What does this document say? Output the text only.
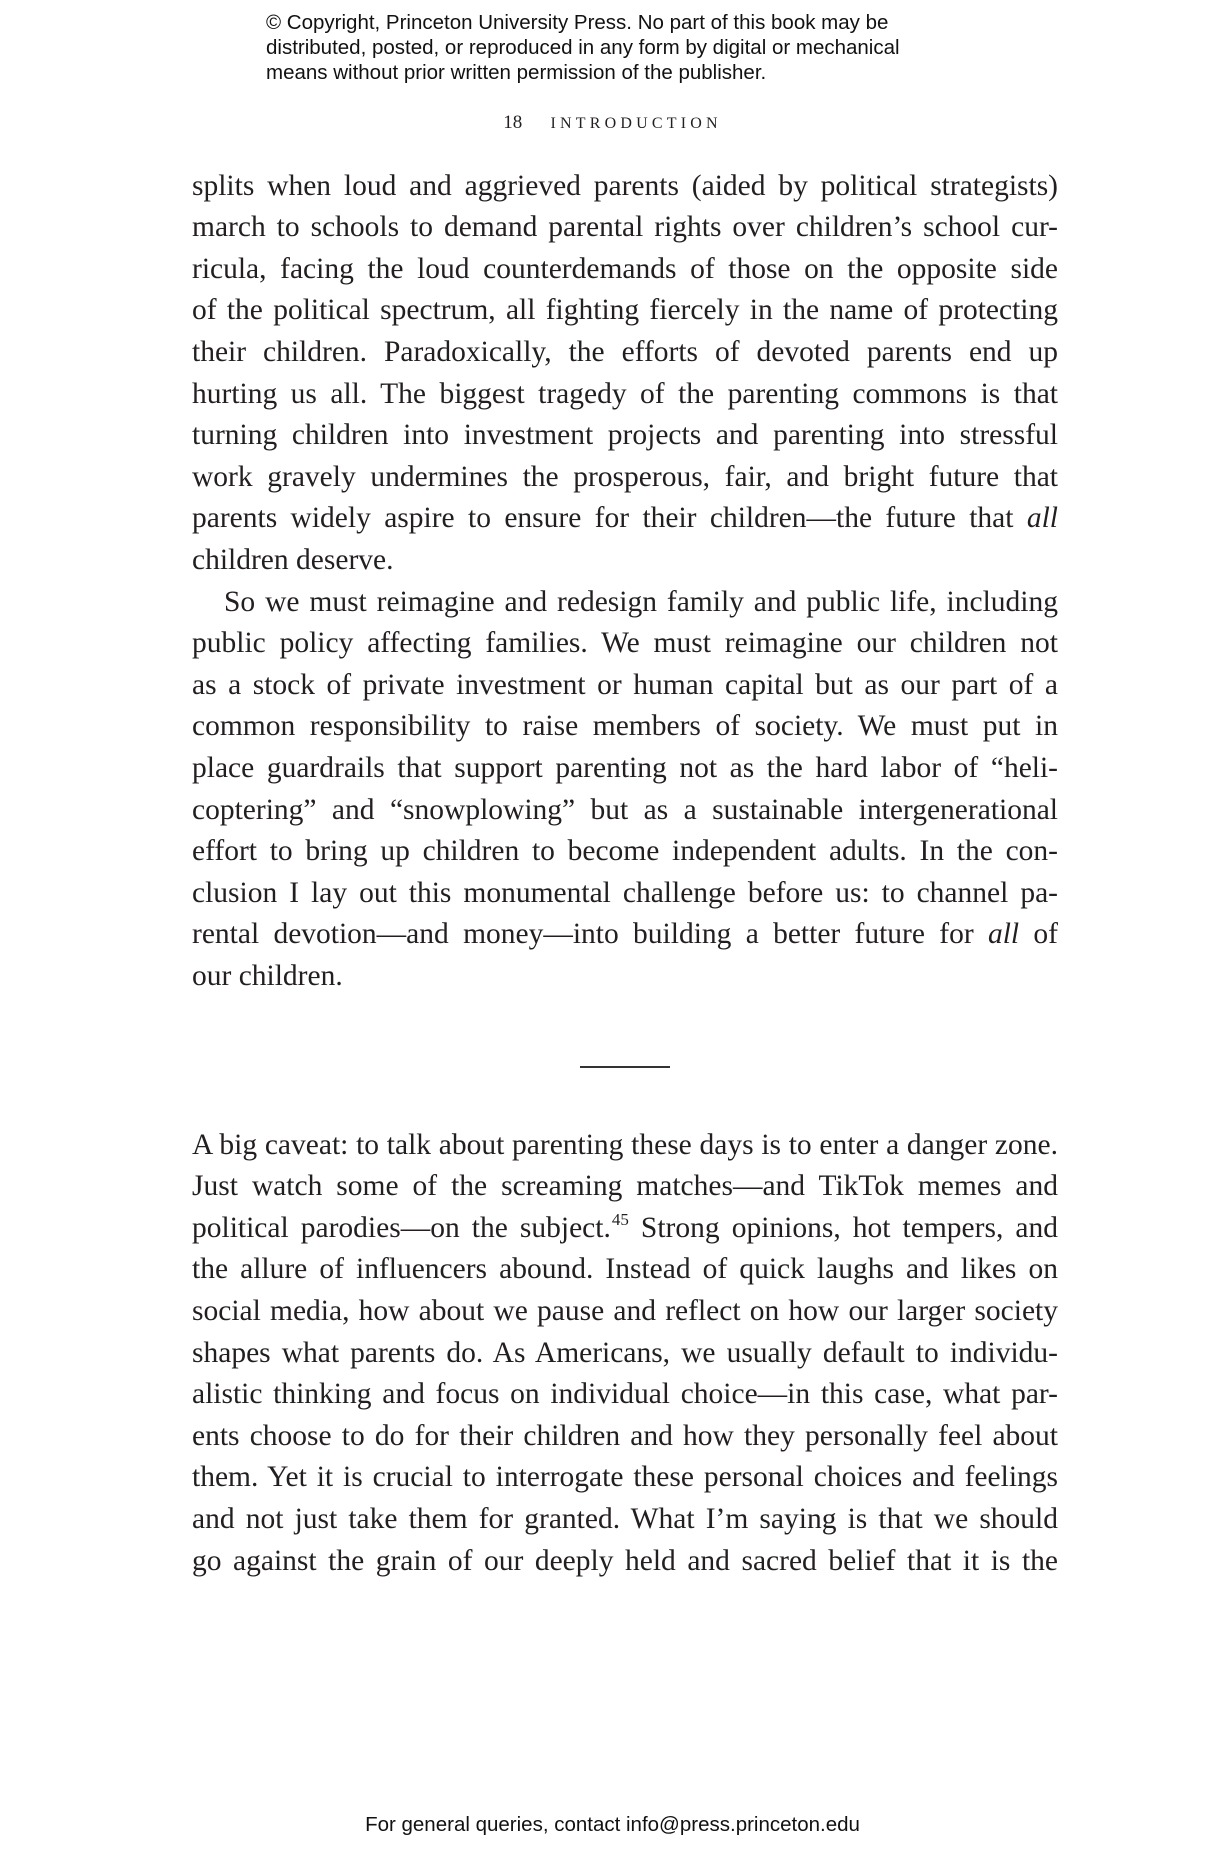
© Copyright, Princeton University Press. No part of this book may be
distributed, posted, or reproduced in any form by digital or mechanical
means without prior written permission of the publisher.
18 INTRODUCTION
splits when loud and aggrieved parents (aided by political strategists)
march to schools to demand parental rights over children’s school cur-
ricula, facing the loud counterdemands of those on the opposite side
of the political spectrum, all fighting fiercely in the name of protecting
their children. Paradoxically, the efforts of devoted parents end up
hurting us all. The biggest tragedy of the parenting commons is that
turning children into investment projects and parenting into stressful
work gravely undermines the prosperous, fair, and bright future that
parents widely aspire to ensure for their children—the future that all
children deserve.
So we must reimagine and redesign family and public life, including
public policy affecting families. We must reimagine our children not
as a stock of private investment or human capital but as our part of a
common responsibility to raise members of society. We must put in
place guardrails that support parenting not as the hard labor of “heli-
coptering” and “snowplowing” but as a sustainable intergenerational
effort to bring up children to become independent adults. In the con-
clusion I lay out this monumental challenge before us: to channel pa-
rental devotion—and money—into building a better future for all of
our children.
A big caveat: to talk about parenting these days is to enter a danger zone.
Just watch some of the screaming matches—and TikTok memes and
political parodies—on the subject.$^{45}$ Strong opinions, hot tempers, and
the allure of influencers abound. Instead of quick laughs and likes on
social media, how about we pause and reflect on how our larger society
shapes what parents do. As Americans, we usually default to individu-
alistic thinking and focus on individual choice—in this case, what par-
ents choose to do for their children and how they personally feel about
them. Yet it is crucial to interrogate these personal choices and feelings
and not just take them for granted. What I’m saying is that we should
go against the grain of our deeply held and sacred belief that it is the
For general queries, contact info@press.princeton.edu
